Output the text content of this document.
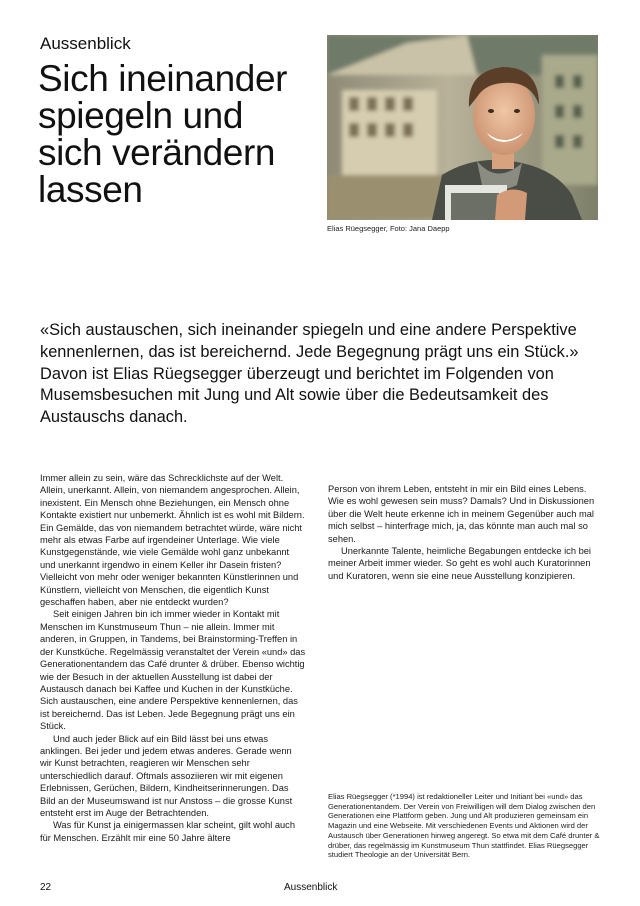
Aussenblick
Sich ineinander
spiegeln und
sich verändern
lassen
Elias Rüegsegger, Foto: Jana Daepp

«Sich austauschen, sich ineinander spiegeln und eine andere Perspektive kennenlernen, das ist bereichernd. Jede Begegnung prägt uns ein Stück.» Davon ist Elias Rüegsegger überzeugt und berichtet im Folgenden von Musemsbesuchen mit Jung und Alt sowie über die Bedeutsamkeit des Austauschs danach.

Immer allein zu sein, wäre das Schrecklichste auf der Welt. Allein, unerkannt. Allein, von niemandem angesprochen. Allein, inexistent. Ein Mensch ohne Beziehungen, ein Mensch ohne Kontakte existiert nur unbemerkt. Ähnlich ist es wohl mit Bildern. Ein Gemälde, das von niemandem betrachtet würde, wäre nicht mehr als etwas Farbe auf irgendeiner Unterlage. Wie viele Kunstgegenstände, wie viele Gemälde wohl ganz unbekannt und unerkannt irgendwo in einem Keller ihr Dasein fristen? Vielleicht von mehr oder weniger bekannten Künstlerinnen und Künstlern, vielleicht von Menschen, die eigentlich Kunst geschaffen haben, aber nie entdeckt wurden?

Seit einigen Jahren bin ich immer wieder in Kontakt mit Menschen im Kunstmuseum Thun – nie allein. Immer mit anderen, in Gruppen, in Tandems, bei Brainstorming-Treffen in der Kunstküche. Regelmässig veranstaltet der Verein «und» das Generationentandem das Café drunter & drüber. Ebenso wichtig wie der Besuch in der aktuellen Ausstellung ist dabei der Austausch danach bei Kaffee und Kuchen in der Kunstküche. Sich austauschen, eine andere Perspektive kennenlernen, das ist bereichernd. Das ist Leben. Jede Begegnung prägt uns ein Stück.

Und auch jeder Blick auf ein Bild lässt bei uns etwas anklingen. Bei jeder und jedem etwas anderes. Gerade wenn wir Kunst betrachten, reagieren wir Menschen sehr unterschiedlich darauf. Oftmals assoziieren wir mit eigenen Erlebnissen, Gerüchen, Bildern, Kindheitserinnerungen. Das Bild an der Museumswand ist nur Anstoss – die grosse Kunst entsteht erst im Auge der Betrachtenden.

Was für Kunst ja einigermassen klar scheint, gilt wohl auch für Menschen. Erzählt mir eine 50 Jahre ältere

Person von ihrem Leben, entsteht in mir ein Bild eines Lebens. Wie es wohl gewesen sein muss? Damals? Und in Diskussionen über die Welt heute erkenne ich in meinem Gegenüber auch mal mich selbst – hinterfrage mich, ja, das könnte man auch mal so sehen.

Unerkannte Talente, heimliche Begabungen entdecke ich bei meiner Arbeit immer wieder. So geht es wohl auch Kuratorinnen und Kuratoren, wenn sie eine neue Ausstellung konzipieren.

Elias Rüegsegger (*1994) ist redaktioneller Leiter und Initiant bei «und» das Generationentandem. Der Verein von Freiwilligen will dem Dialog zwischen den Generationen eine Plattform geben. Jung und Alt produzieren gemeinsam ein Magazin und eine Webseite. Mit verschiedenen Events und Aktionen wird der Austausch über Generationen hinweg angeregt. So etwa mit dem Café drunter & drüber, das regelmässig im Kunstmuseum Thun stattfindet. Elias Rüegsegger studiert Theologie an der Universität Bern.

22	Aussenblick
